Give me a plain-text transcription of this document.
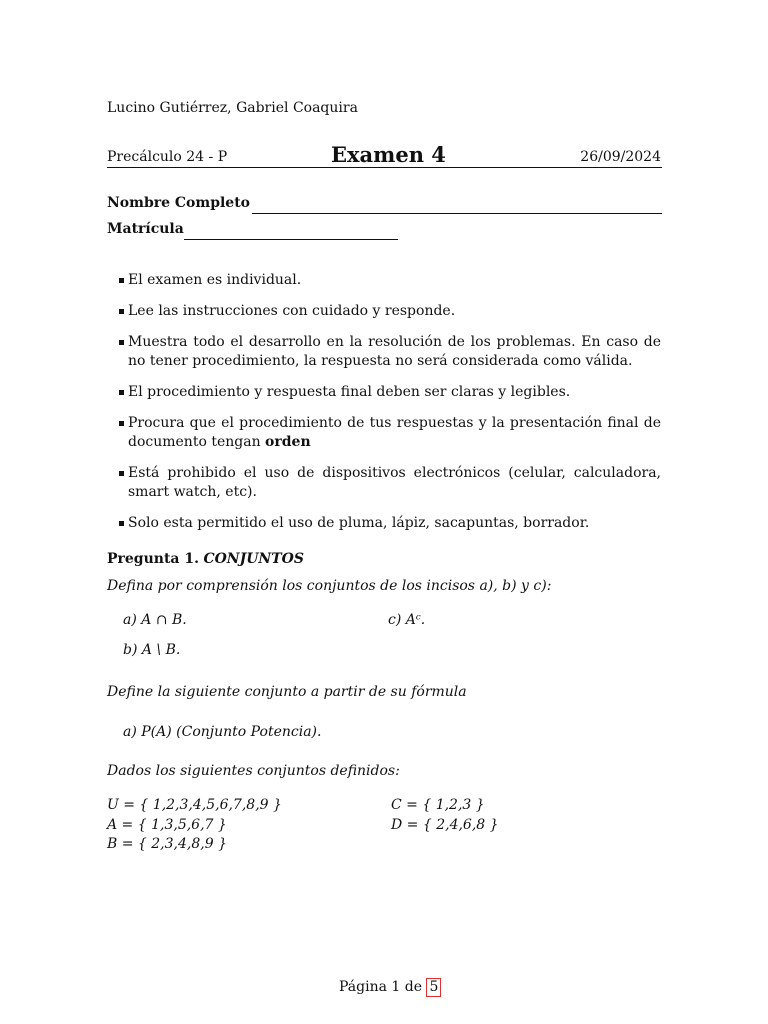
Lucino Gutiérrez, Gabriel Coaquira
Precálculo 24 - P	Examen 4	26/09/2024
Nombre Completo
Matrícula
El examen es individual.
Lee las instrucciones con cuidado y responde.
Muestra todo el desarrollo en la resolución de los problemas. En caso de no tener procedimiento, la respuesta no será considerada como válida.
El procedimiento y respuesta final deben ser claras y legibles.
Procura que el procedimiento de tus respuestas y la presentación final de documento tengan orden
Está prohibido el uso de dispositivos electrónicos (celular, calculadora, smart watch, etc).
Solo esta permitido el uso de pluma, lápiz, sacapuntas, borrador.
Pregunta 1. CONJUNTOS
Defina por comprensión los conjuntos de los incisos a), b) y c):
a) A ∩ B.	c) Aᶜ.
b) A \ B.
Define la siguiente conjunto a partir de su fórmula
a) P(A) (Conjunto Potencia).
Dados los siguientes conjuntos definidos:
U = { 1,2,3,4,5,6,7,8,9 }
A = { 1,3,5,6,7 }
B = { 2,3,4,8,9 }
C = { 1,2,3 }
D = { 2,4,6,8 }
Página 1 de 5
